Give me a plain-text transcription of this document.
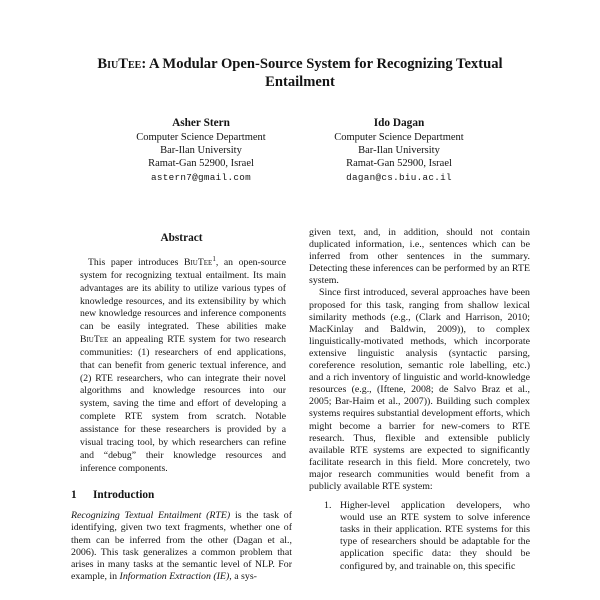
BiuTee: A Modular Open-Source System for Recognizing Textual Entailment
Asher Stern
Computer Science Department
Bar-Ilan University
Ramat-Gan 52900, Israel
astern7@gmail.com
Ido Dagan
Computer Science Department
Bar-Ilan University
Ramat-Gan 52900, Israel
dagan@cs.biu.ac.il
Abstract
This paper introduces BiuTee$^1$, an open-source system for recognizing textual entailment. Its main advantages are its ability to utilize various types of knowledge resources, and its extensibility by which new knowledge resources and inference components can be easily integrated. These abilities make BiuTee an appealing RTE system for two research communities: (1) researchers of end applications, that can benefit from generic textual inference, and (2) RTE researchers, who can integrate their novel algorithms and knowledge resources into our system, saving the time and effort of developing a complete RTE system from scratch. Notable assistance for these researchers is provided by a visual tracing tool, by which researchers can refine and “debug” their knowledge resources and inference components.
1 Introduction

Recognizing Textual Entailment (RTE) is the task of identifying, given two text fragments, whether one of them can be inferred from the other (Dagan et al., 2006). This task generalizes a common problem that arises in many tasks at the semantic level of NLP. For example, in Information Extraction (IE), a sys-

given text, and, in addition, should not contain duplicated information, i.e., sentences which can be inferred from other sentences in the summary. Detecting these inferences can be performed by an RTE system.

Since first introduced, several approaches have been proposed for this task, ranging from shallow lexical similarity methods (e.g., (Clark and Harrison, 2010; MacKinlay and Baldwin, 2009)), to complex linguistically-motivated methods, which incorporate extensive linguistic analysis (syntactic parsing, coreference resolution, semantic role labelling, etc.) and a rich inventory of linguistic and world-knowledge resources (e.g., (Iftene, 2008; de Salvo Braz et al., 2005; Bar-Haim et al., 2007)). Building such complex systems requires substantial development efforts, which might become a barrier for new-comers to RTE research. Thus, flexible and extensible publicly available RTE systems are expected to significantly facilitate research in this field. More concretely, two major research communities would benefit from a publicly available RTE system:

1. Higher-level application developers, who would use an RTE system to solve inference tasks in their application. RTE systems for this type of researchers should be adaptable for the application specific data: they should be configured by, and trainable on, this specific
